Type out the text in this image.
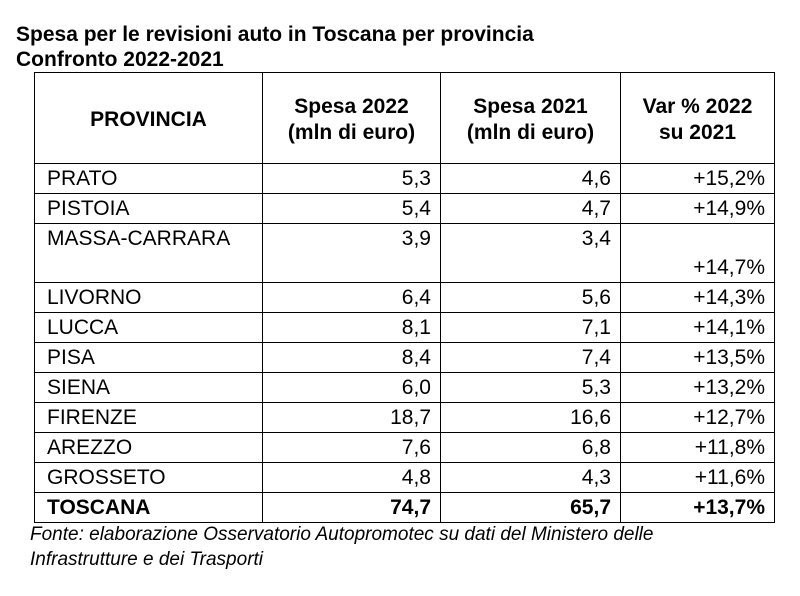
Spesa per le revisioni auto in Toscana per provincia
Confronto 2022-2021
PROVINCIA	Spesa 2022 (mln di euro)	Spesa 2021 (mln di euro)	Var % 2022 su 2021
PRATO	5,3	4,6	+15,2%
PISTOIA	5,4	4,7	+14,9%
MASSA-CARRARA	3,9	3,4	+14,7%
LIVORNO	6,4	5,6	+14,3%
LUCCA	8,1	7,1	+14,1%
PISA	8,4	7,4	+13,5%
SIENA	6,0	5,3	+13,2%
FIRENZE	18,7	16,6	+12,7%
AREZZO	7,6	6,8	+11,8%
GROSSETO	4,8	4,3	+11,6%
TOSCANA	74,7	65,7	+13,7%
Fonte: elaborazione Osservatorio Autopromotec su dati del Ministero delle Infrastrutture e dei Trasporti
